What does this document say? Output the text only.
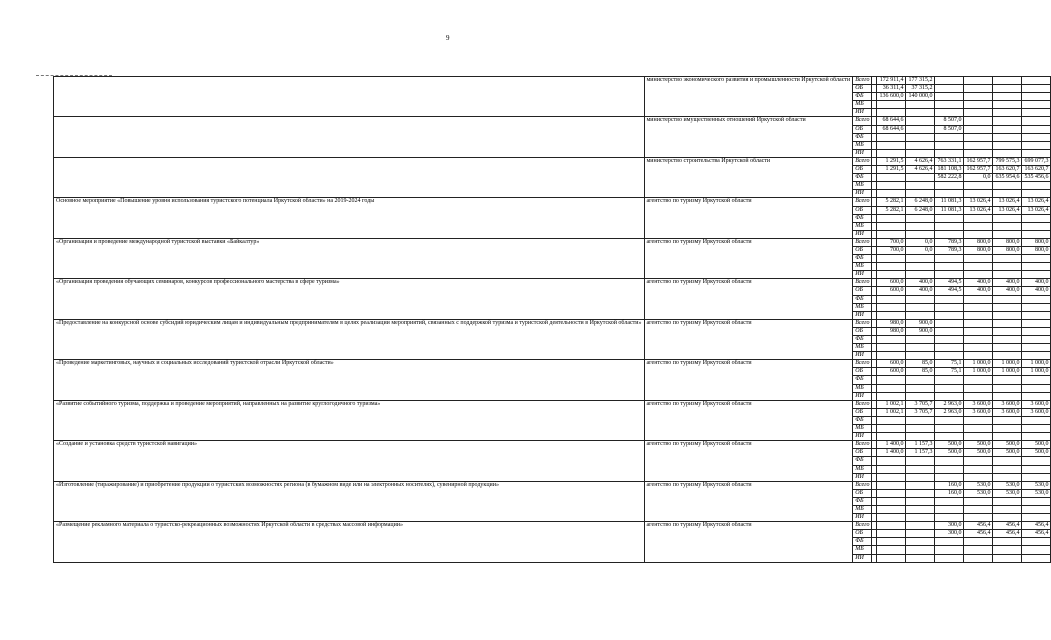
9
	министерство экономического развития и промышленности Иркутской области	Всего		172 911,4	177 315,2				
		ОБ		36 311,4	37 315,2				
		ФБ		136 600,0	140 000,0				
		МБ							
		ИИ							
	министерство имущественных отношений Иркутской области	Всего		68 644,6		8 507,0			
		ОБ		68 644,6		8 507,0			
		ФБ							
		МБ							
		ИИ							
	министерство строительства Иркутской области	Всего		1 291,5	4 626,4	763 331,1	162 957,7	799 575,3	699 077,3
		ОБ		1 291,5	4 626,4	181 108,3	162 957,7	163 620,7	163 620,7
		ФБ				582 222,8	0,0	635 954,6	535 456,6
		МБ							
		ИИ							
Основное мероприятие «Повышение уровня использования туристского потенциала Иркутской области» на 2019-2024 годы	агентство по туризму Иркутской области	Всего		5 282,1	6 248,0	11 081,3	13 026,4	13 026,4	13 026,4
		ОБ		5 282,1	6 248,0	11 081,3	13 026,4	13 026,4	13 026,4
		ФБ							
		МБ							
		ИИ							
«Организация и проведение международной туристской выставки «Байкалтур»	агентство по туризму Иркутской области	Всего		700,0	0,0	789,3	800,0	800,0	800,0
		ОБ		700,0	0,0	789,3	800,0	800,0	800,0
		ФБ							
		МБ							
		ИИ							
«Организация проведения обучающих семинаров, конкурсов профессионального мастерства в сфере туризма»	агентство по туризму Иркутской области	Всего		600,0	400,0	494,5	400,0	400,0	400,0
		ОБ		600,0	400,0	494,5	400,0	400,0	400,0
		ФБ							
		МБ							
		ИИ							
«Предоставление на конкурсной основе субсидий юридическим лицам и индивидуальным предпринимателям в целях реализации мероприятий, связанных с поддержкой туризма и туристской деятельности в Иркутской области»	агентство по туризму Иркутской области	Всего		980,0	900,0				
		ОБ		980,0	900,0				
		ФБ							
		МБ							
		ИИ							
«Проведение маркетинговых, научных и социальных исследований туристской отрасли Иркутской области»	агентство по туризму Иркутской области	Всего		600,0	85,0	75,1	1 000,0	1 000,0	1 000,0
		ОБ		600,0	85,0	75,1	1 000,0	1 000,0	1 000,0
		ФБ							
		МБ							
		ИИ							
«Развитие событийного туризма, поддержка и проведение мероприятий, направленных на развитие круглогодичного туризма»	агентство по туризму Иркутской области	Всего		1 002,1	3 705,7	2 963,0	3 600,0	3 600,0	3 600,0
		ОБ		1 002,1	3 705,7	2 963,0	3 600,0	3 600,0	3 600,0
		ФБ							
		МБ							
		ИИ							
«Создание и установка средств туристской навигации»	агентство по туризму Иркутской области	Всего		1 400,0	1 157,3	500,0	500,0	500,0	500,0
		ОБ		1 400,0	1 157,3	500,0	500,0	500,0	500,0
		ФБ							
		МБ							
		ИИ							
«Изготовление (тиражирование) и приобретение продукции о туристских возможностях региона (в бумажном виде или на электронных носителях), сувенирной продукции»	агентство по туризму Иркутской области	Всего				160,0	530,0	530,0	530,0
		ОБ				160,0	530,0	530,0	530,0
		ФБ							
		МБ							
		ИИ							
«Размещение рекламного материала о туристско-рекреационных возможностях Иркутской области в средствах массовой информации»	агентство по туризму Иркутской области	Всего				300,0	456,4	456,4	456,4
		ОБ				300,0	456,4	456,4	456,4
		ФБ							
		МБ							
		ИИ							
